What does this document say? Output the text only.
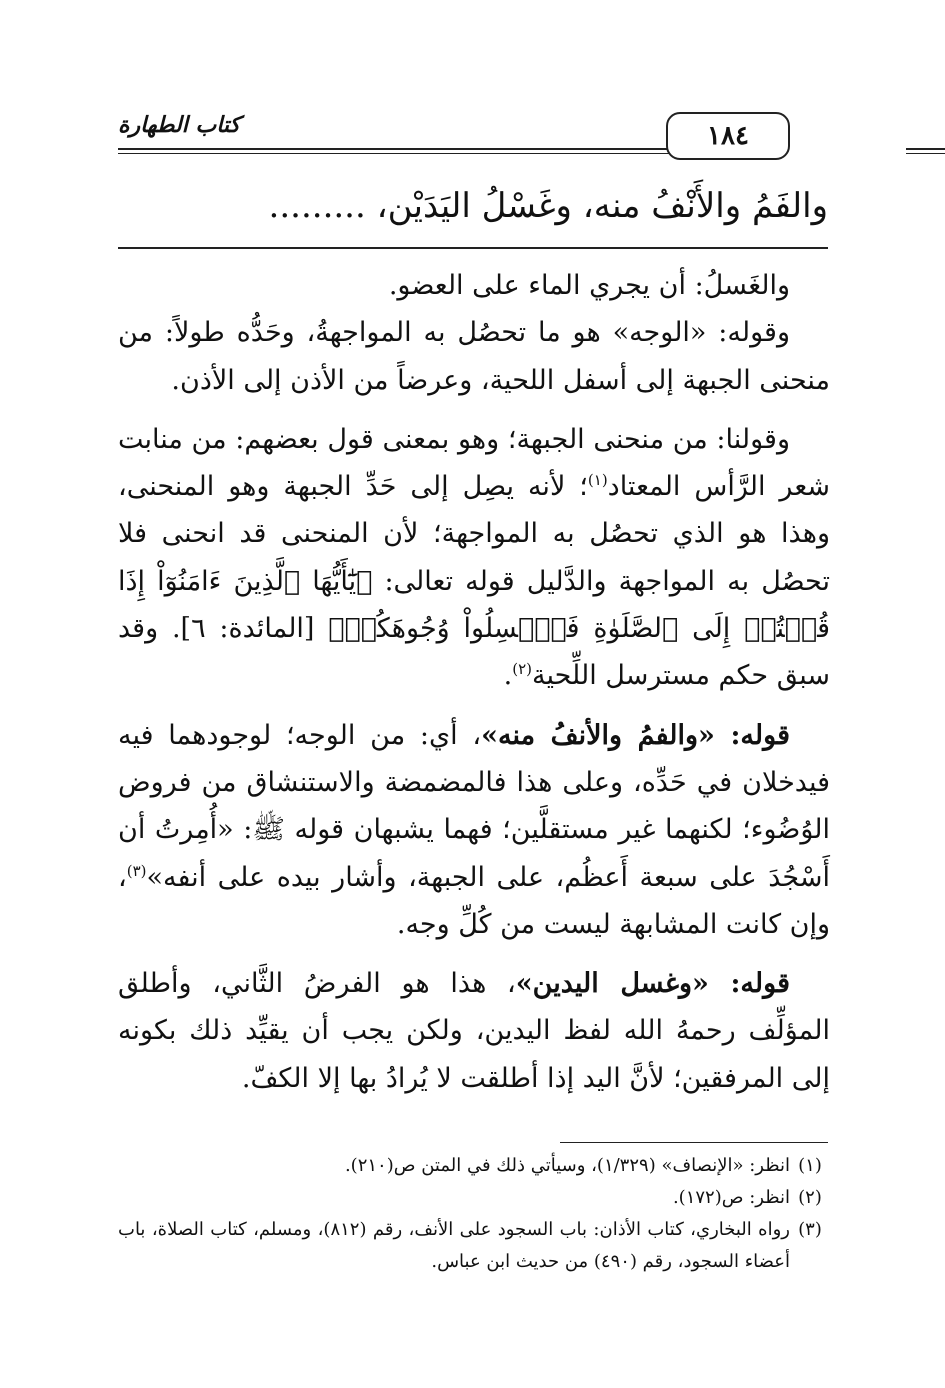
كتاب الطهارة	١٨٤
والفَمُ والأَنْفُ منه، وغَسْلُ اليَدَيْن، .........

والغَسلُ: أن يجري الماء على العضو.

وقوله: «الوجه» هو ما تحصُل به المواجهةُ، وحَدُّه طولاً: من منحنى الجبهة إلى أسفل اللحية، وعرضاً من الأذن إلى الأذن.

وقولنا: من منحنى الجبهة؛ وهو بمعنى قول بعضهم: من منابت شعر الرَّأس المعتاد$^{(١)}$؛ لأنه يصِل إلى حَدِّ الجبهة وهو المنحنى، وهذا هو الذي تحصُل به المواجهة؛ لأن المنحنى قد انحنى فلا تحصُل به المواجهة والدَّليل قوله تعالى: ﴿يَٰٓأَيُّهَا ٱلَّذِينَ ءَامَنُوٓاْ إِذَا قُمۡتُمۡ إِلَى ٱلصَّلَوٰةِ فَٱغۡسِلُواْ وُجُوهَكُمۡ﴾ [المائدة: ٦]. وقد سبق حكم مسترسل اللِّحية$^{(٢)}$.

قوله: «والفمُ والأنفُ منه»، أي: من الوجه؛ لوجودهما فيه فيدخلان في حَدِّه، وعلى هذا فالمضمضة والاستنشاق من فروض الوُضُوء؛ لكنهما غير مستقلَّين؛ فهما يشبهان قوله ﷺ: «أُمِرتُ أن أَسْجُدَ على سبعة أَعظُم، على الجبهة، وأشار بيده على أنفه»$^{(٣)}$، وإن كانت المشابهة ليست من كُلِّ وجه.

قوله: «وغسل اليدين»، هذا هو الفرضُ الثَّاني، وأطلق المؤلِّف رحمهُ الله لفظ اليدين، ولكن يجب أن يقيِّد ذلك بكونه إلى المرفقين؛ لأنَّ اليد إذا أطلقت لا يُرادُ بها إلا الكفّ.

(١)
انظر: «الإنصاف» (١/٣٢٩)، وسيأتي ذلك في المتن ص(٢١٠).
(٢)
انظر: ص(١٧٢).
(٣)
رواه البخاري، كتاب الأذان: باب السجود على الأنف، رقم (٨١٢)، ومسلم، كتاب الصلاة، باب أعضاء السجود، رقم (٤٩٠) من حديث ابن عباس.
